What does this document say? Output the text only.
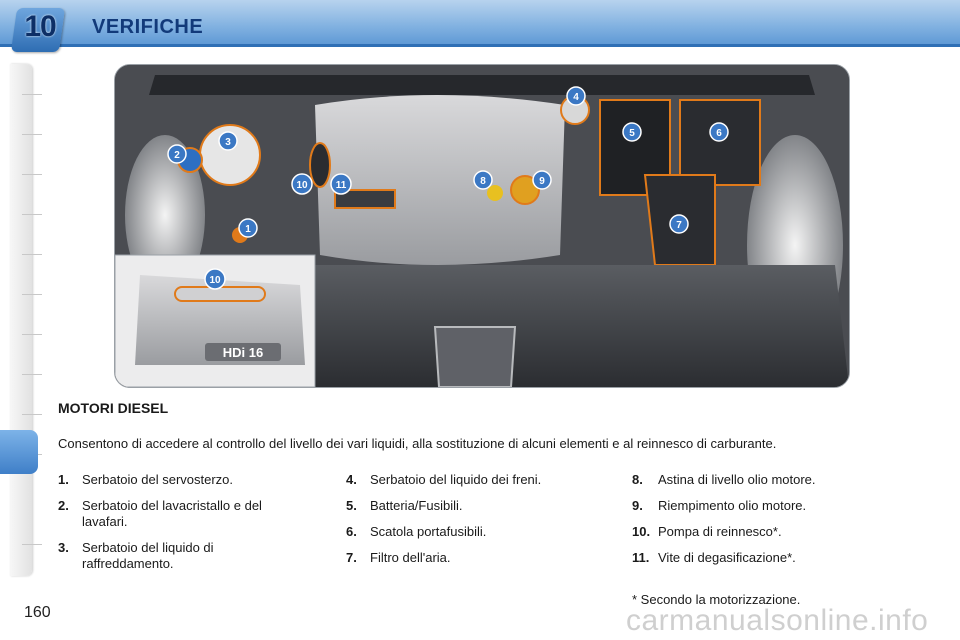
10	VERIFICHE
HDi 16
1
2
3
4
5	6
7
8	9
10	11
10
MOTORI DIESEL
Consentono di accedere al controllo del livello dei vari liquidi, alla sostituzione di alcuni elementi e al reinnesco di carburante.
1. Serbatoio del servosterzo.
2. Serbatoio del lavacristallo e del lavafari.
3. Serbatoio del liquido di raffreddamento.
4. Serbatoio del liquido dei freni.
5. Batteria/Fusibili.
6. Scatola portafusibili.
7. Filtro dell'aria.
8. Astina di livello olio motore.
9. Riempimento olio motore.
10. Pompa di reinnesco*.
11. Vite di degasificazione*.
carmanualsonline.info
* Secondo la motorizzazione.
160
